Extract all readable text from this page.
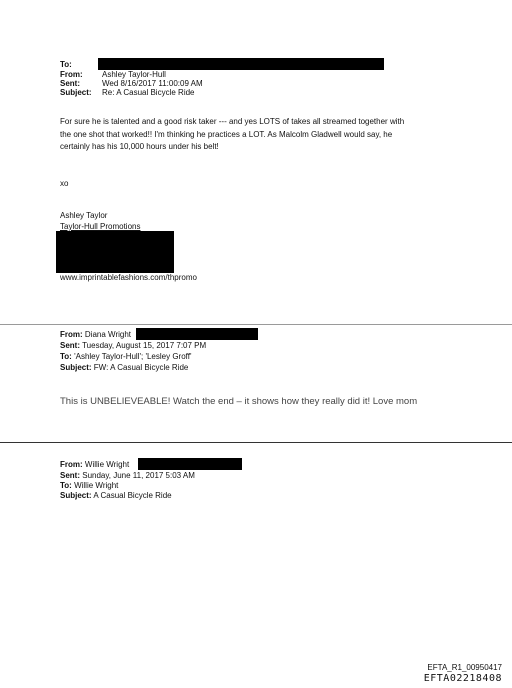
To:
From: Ashley Taylor-Hull
Sent:	Wed 8/16/2017 11:00:09 AM
Subject: Re: A Casual Bicycle Ride
For sure he is talented and a good risk taker --- and yes LOTS of takes all streamed together with
the one shot that worked!! I'm thinking he practices a LOT. As Malcolm Gladwell would say, he
certainly has his 10,000 hours under his belt!
xo
Ashley Taylor
Taylor-Hull Promotions
www.imprintablefashions.com/thpromo
From: Diana Wright
Sent: Tuesday, August 15, 2017 7:07 PM
To: 'Ashley Taylor-Hull'; 'Lesley Groff'
Subject: FW: A Casual Bicycle Ride
This is UNBELIEVEABLE! Watch the end – it shows how they really did it! Love mom
From: Willie Wright
Sent: Sunday, June 11, 2017 5:03 AM
To: Willie Wright
Subject: A Casual Bicycle Ride
EFTA_R1_00950417
EFTA02218408
